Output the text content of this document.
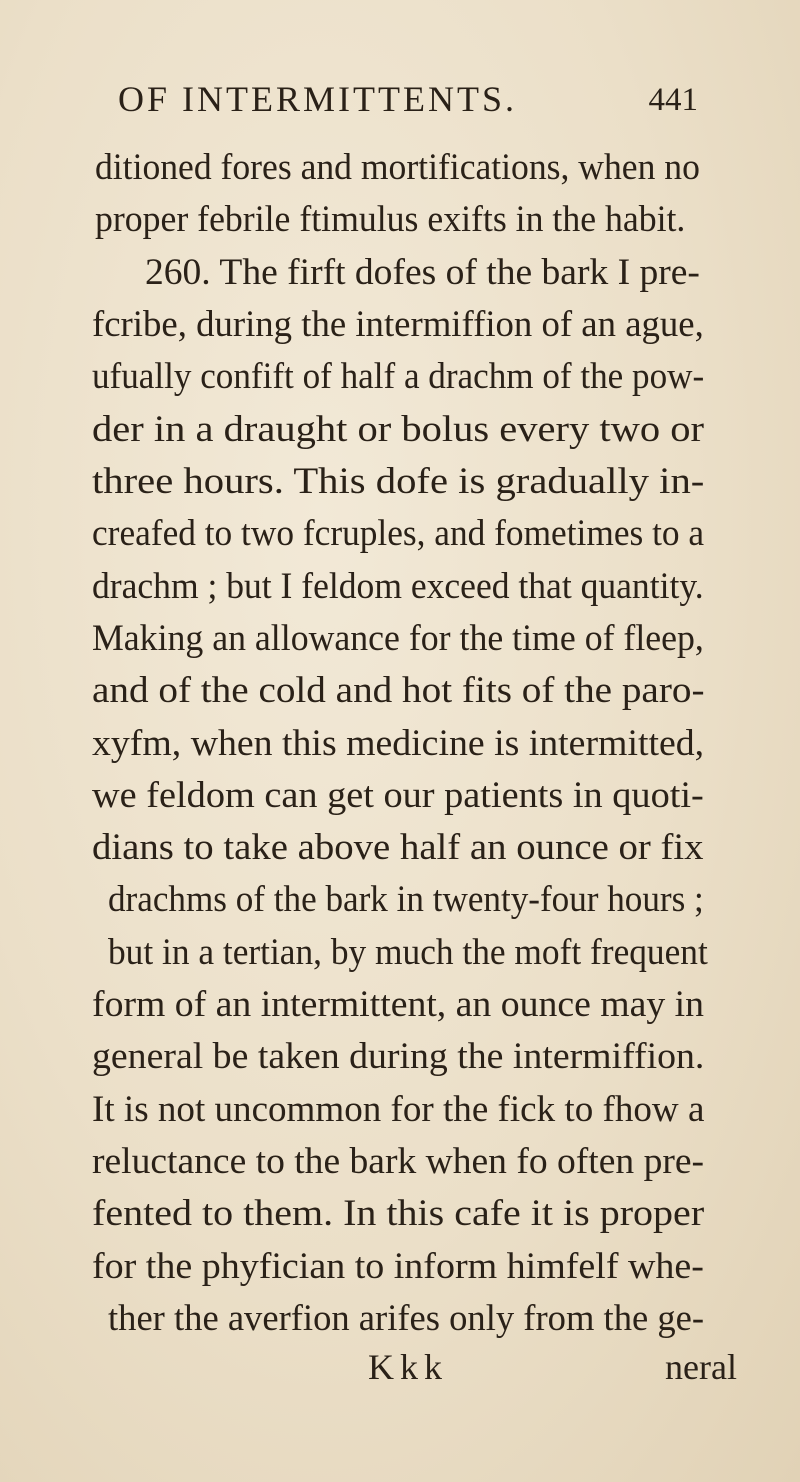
OF INTERMITTENTS.	441
ditioned fores and mortifications, when no
proper febrile ftimulus exifts in the habit.
260. The firft dofes of the bark I pre-
fcribe, during the intermiffion of an ague,
ufually confift of half a drachm of the pow-
der in a draught or bolus every two or
three hours. This dofe is gradually in-
creafed to two fcruples, and fometimes to a
drachm ; but I feldom exceed that quantity.
Making an allowance for the time of fleep,
and of the cold and hot fits of the paro-
xyfm, when this medicine is intermitted,
we feldom can get our patients in quoti-
dians to take above half an ounce or fix
drachms of the bark in twenty-four hours ;
but in a tertian, by much the moft frequent
form of an intermittent, an ounce may in
general be taken during the intermiffion.
It is not uncommon for the fick to fhow a
reluctance to the bark when fo often pre-
fented to them. In this cafe it is proper
for the phyfician to inform himfelf whe-
ther the averfion arifes only from the ge-
Kkk	neral
